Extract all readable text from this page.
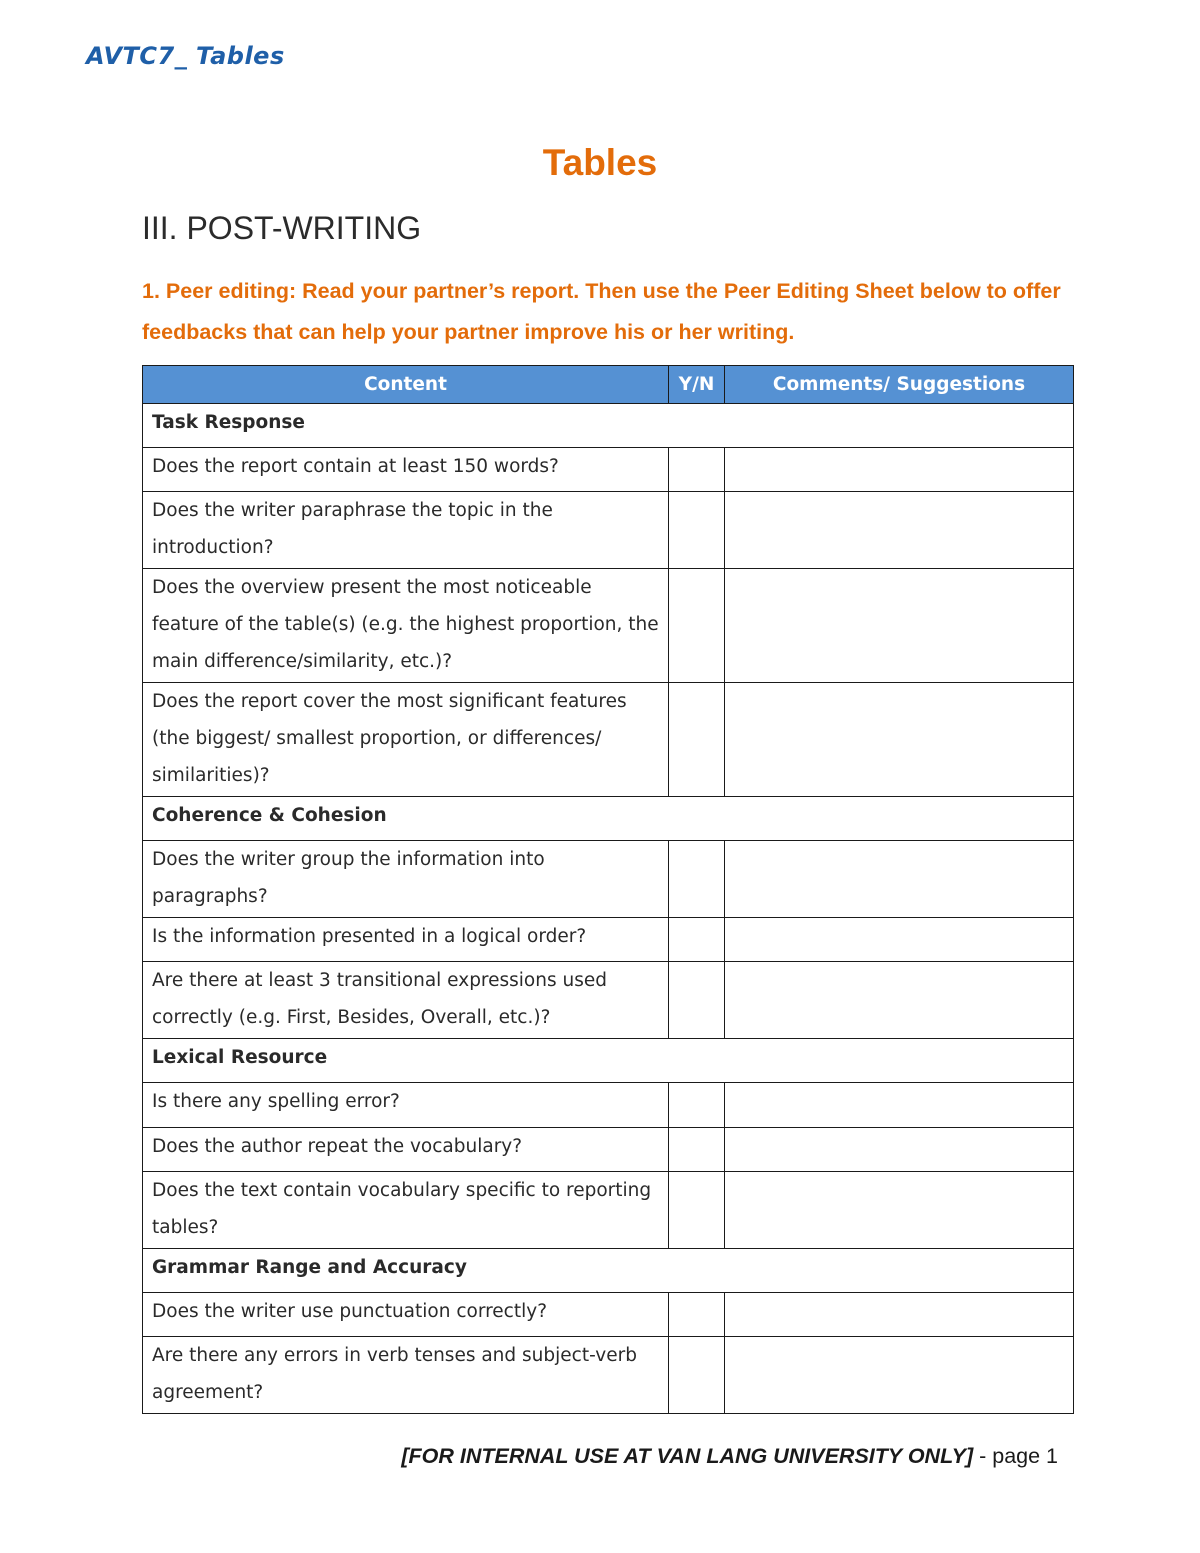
AVTC7_ Tables
Tables
III. POST-WRITING
1. Peer editing: Read your partner’s report. Then use the Peer Editing Sheet below to offer feedbacks that can help your partner improve his or her writing.
Content	Y/N	Comments/ Suggestions
Task Response		
Does the report contain at least 150 words?		
Does the writer paraphrase the topic in the introduction?		
Does the overview present the most noticeable feature of the table(s) (e.g. the highest proportion, the main difference/similarity, etc.)?		
Does the report cover the most significant features (the biggest/ smallest proportion, or differences/ similarities)?		
Coherence & Cohesion		
Does the writer group the information into paragraphs?		
Is the information presented in a logical order?		
Are there at least 3 transitional expressions used correctly (e.g. First, Besides, Overall, etc.)?		
Lexical Resource		
Is there any spelling error?		
Does the author repeat the vocabulary?		
Does the text contain vocabulary specific to reporting tables?		
Grammar Range and Accuracy		
Does the writer use punctuation correctly?		
Are there any errors in verb tenses and subject-verb agreement?		
[FOR INTERNAL USE AT VAN LANG UNIVERSITY ONLY] - page 1
